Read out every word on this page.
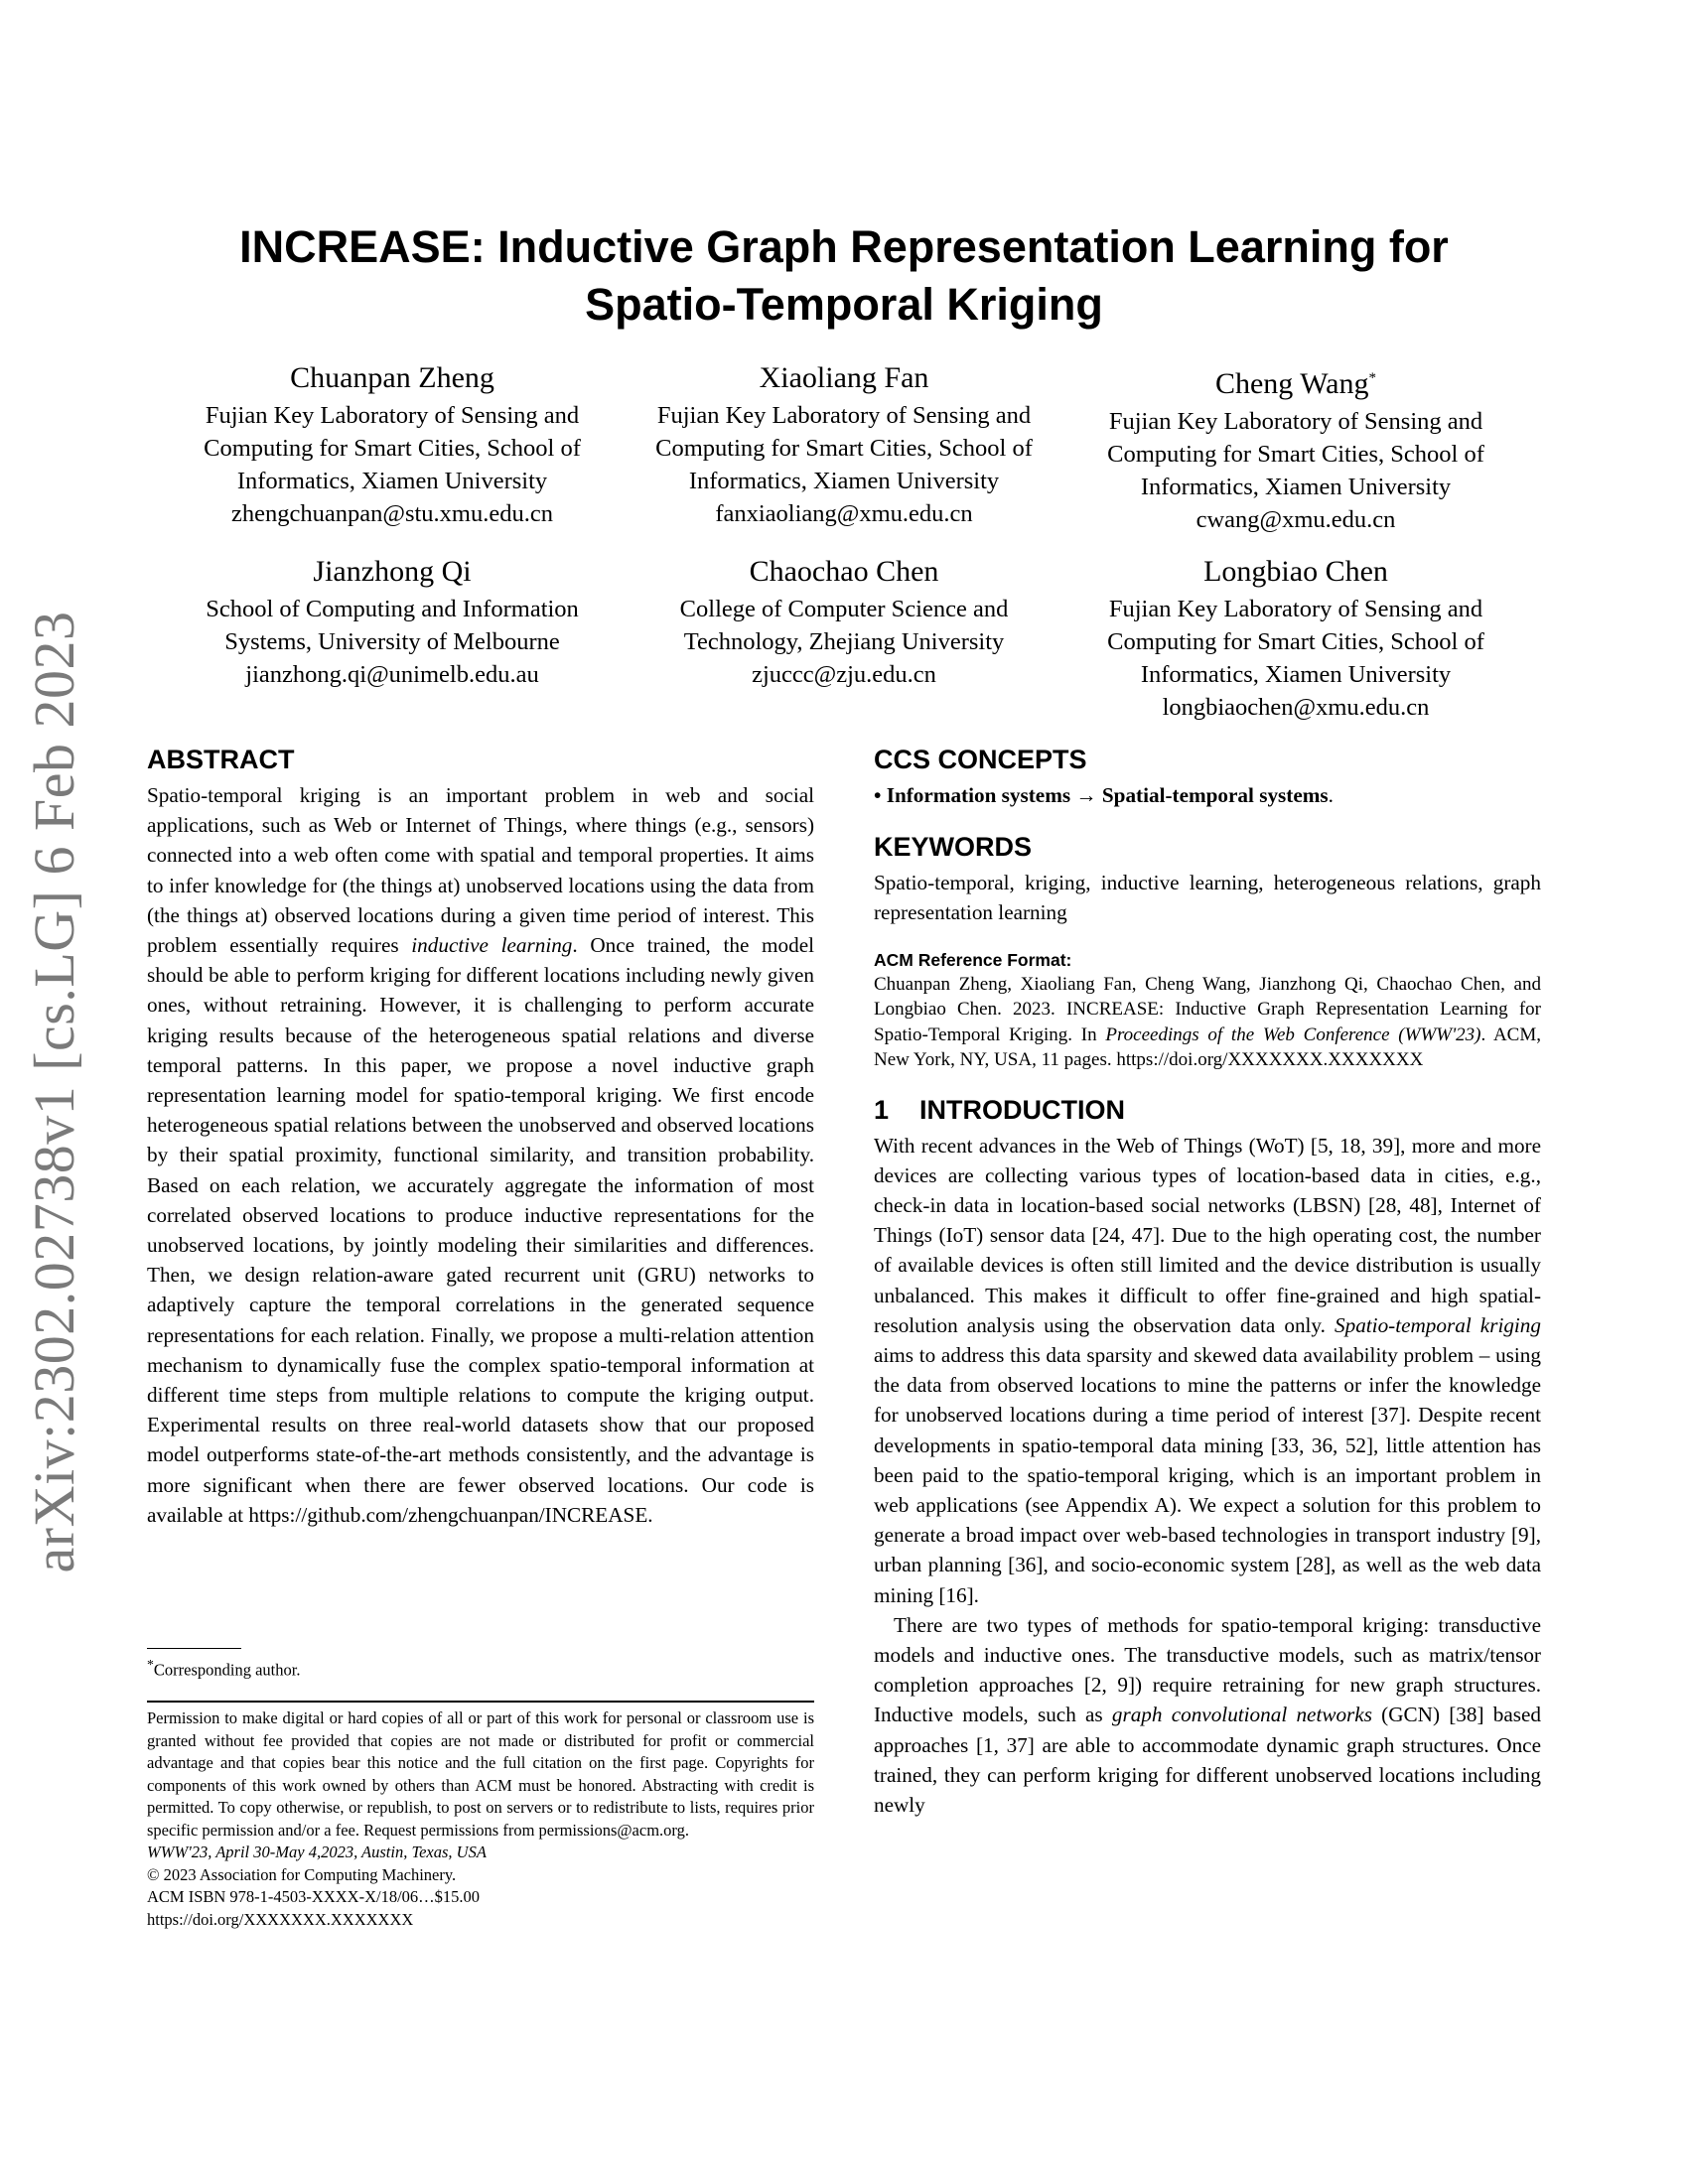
arXiv:2302.02738v1 [cs.LG] 6 Feb 2023
INCREASE: Inductive Graph Representation Learning for
Spatio-Temporal Kriging
Chuanpan Zheng
Fujian Key Laboratory of Sensing and
Computing for Smart Cities, School of
Informatics, Xiamen University
zhengchuanpan@stu.xmu.edu.cn
Xiaoliang Fan
Fujian Key Laboratory of Sensing and
Computing for Smart Cities, School of
Informatics, Xiamen University
fanxiaoliang@xmu.edu.cn
Cheng Wang*
Fujian Key Laboratory of Sensing and
Computing for Smart Cities, School of
Informatics, Xiamen University
cwang@xmu.edu.cn
Jianzhong Qi
School of Computing and Information
Systems, University of Melbourne
jianzhong.qi@unimelb.edu.au
Chaochao Chen
College of Computer Science and
Technology, Zhejiang University
zjuccc@zju.edu.cn
Longbiao Chen
Fujian Key Laboratory of Sensing and
Computing for Smart Cities, School of
Informatics, Xiamen University
longbiaochen@xmu.edu.cn
ABSTRACT

Spatio-temporal kriging is an important problem in web and social applications, such as Web or Internet of Things, where things (e.g., sensors) connected into a web often come with spatial and temporal properties. It aims to infer knowledge for (the things at) unobserved locations using the data from (the things at) observed locations during a given time period of interest. This problem essentially requires inductive learning. Once trained, the model should be able to perform kriging for different locations including newly given ones, without retraining. However, it is challenging to perform accurate kriging results because of the heterogeneous spatial relations and diverse temporal patterns. In this paper, we propose a novel inductive graph representation learning model for spatio-temporal kriging. We first encode heterogeneous spatial relations between the unobserved and observed locations by their spatial proximity, functional similarity, and transition probability. Based on each relation, we accurately aggregate the information of most correlated observed locations to produce inductive representations for the unobserved locations, by jointly modeling their similarities and differences. Then, we design relation-aware gated recurrent unit (GRU) networks to adaptively capture the temporal correlations in the generated sequence representations for each relation. Finally, we propose a multi-relation attention mechanism to dynamically fuse the complex spatio-temporal information at different time steps from multiple relations to compute the kriging output. Experimental results on three real-world datasets show that our proposed model outperforms state-of-the-art methods consistently, and the advantage is more significant when there are fewer observed locations. Our code is available at https://github.com/zhengchuanpan/INCREASE.

*Corresponding author.

Permission to make digital or hard copies of all or part of this work for personal or classroom use is granted without fee provided that copies are not made or distributed for profit or commercial advantage and that copies bear this notice and the full citation on the first page. Copyrights for components of this work owned by others than ACM must be honored. Abstracting with credit is permitted. To copy otherwise, or republish, to post on servers or to redistribute to lists, requires prior specific permission and/or a fee. Request permissions from permissions@acm.org.

WWW'23, April 30-May 4,2023, Austin, Texas, USA

© 2023 Association for Computing Machinery.

ACM ISBN 978-1-4503-XXXX-X/18/06…$15.00

https://doi.org/XXXXXXX.XXXXXXX

CCS CONCEPTS

• Information systems → Spatial-temporal systems.

KEYWORDS

Spatio-temporal, kriging, inductive learning, heterogeneous relations, graph representation learning

ACM Reference Format:

Chuanpan Zheng, Xiaoliang Fan, Cheng Wang, Jianzhong Qi, Chaochao Chen, and Longbiao Chen. 2023. INCREASE: Inductive Graph Representation Learning for Spatio-Temporal Kriging. In Proceedings of the Web Conference (WWW'23). ACM, New York, NY, USA, 11 pages. https://doi.org/XXXXXXX.XXXXXXX

1 INTRODUCTION

With recent advances in the Web of Things (WoT) [5, 18, 39], more and more devices are collecting various types of location-based data in cities, e.g., check-in data in location-based social networks (LBSN) [28, 48], Internet of Things (IoT) sensor data [24, 47]. Due to the high operating cost, the number of available devices is often still limited and the device distribution is usually unbalanced. This makes it difficult to offer fine-grained and high spatial-resolution analysis using the observation data only. Spatio-temporal kriging aims to address this data sparsity and skewed data availability problem – using the data from observed locations to mine the patterns or infer the knowledge for unobserved locations during a time period of interest [37]. Despite recent developments in spatio-temporal data mining [33, 36, 52], little attention has been paid to the spatio-temporal kriging, which is an important problem in web applications (see Appendix A). We expect a solution for this problem to generate a broad impact over web-based technologies in transport industry [9], urban planning [36], and socio-economic system [28], as well as the web data mining [16].

There are two types of methods for spatio-temporal kriging: transductive models and inductive ones. The transductive models, such as matrix/tensor completion approaches [2, 9]) require retraining for new graph structures. Inductive models, such as graph convolutional networks (GCN) [38] based approaches [1, 37] are able to accommodate dynamic graph structures. Once trained, they can perform kriging for different unobserved locations including newly
